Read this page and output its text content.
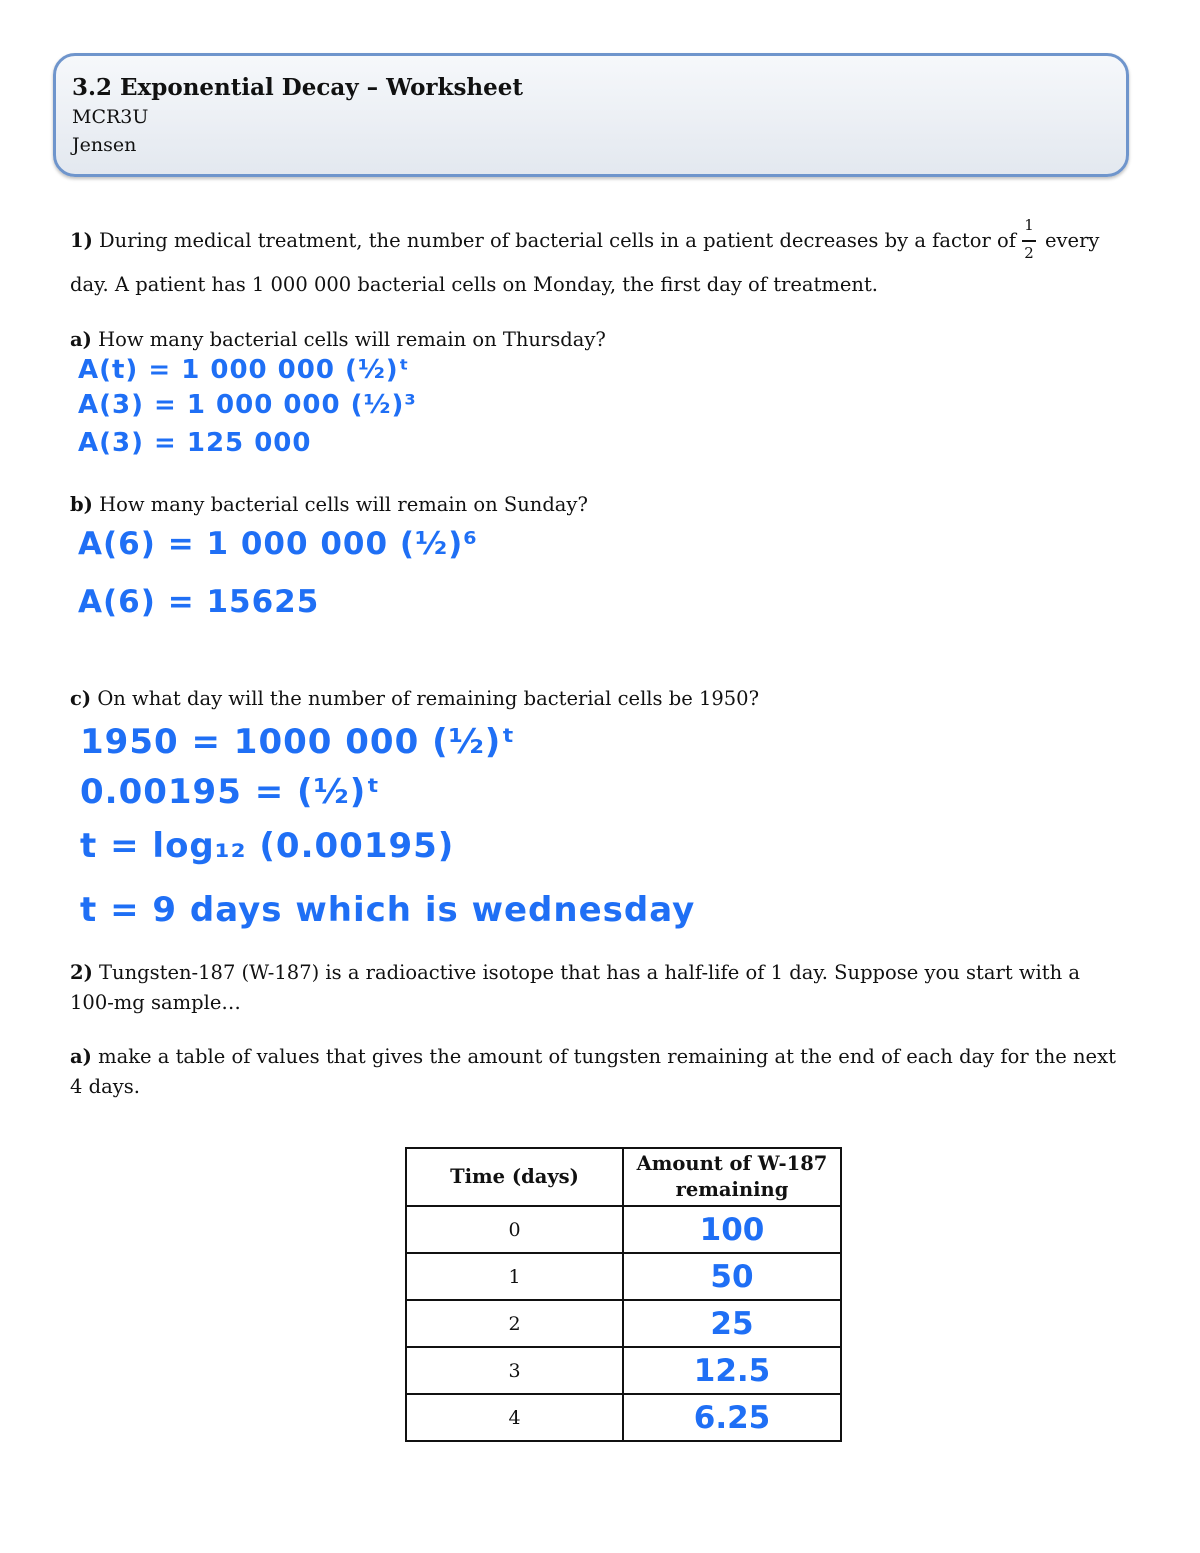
3.2 Exponential Decay – Worksheet
MCR3U
Jensen
1) During medical treatment, the number of bacterial cells in a patient decreases by a factor of
1
2
every
day. A patient has 1 000 000 bacterial cells on Monday, the first day of treatment.
a) How many bacterial cells will remain on Thursday?
A(t) = 1 000 000 (½)ᵗ
A(3) = 1 000 000 (½)³
A(3) = 125 000
b) How many bacterial cells will remain on Sunday?
A(6) = 1 000 000 (½)⁶
A(6) = 15625
c) On what day will the number of remaining bacterial cells be 1950?
1950 = 1000 000 (½)ᵗ
0.00195 = (½)ᵗ
t = log₁₂ (0.00195)
t = 9 days which is wednesday
2) Tungsten-187 (W-187) is a radioactive isotope that has a half-life of 1 day. Suppose you start with a
100-mg sample…
a) make a table of values that gives the amount of tungsten remaining at the end of each day for the next
4 days.
Time (days)	Amount of W-187 remaining
0	100
1	50
2	25
3	12.5
4	6.25
